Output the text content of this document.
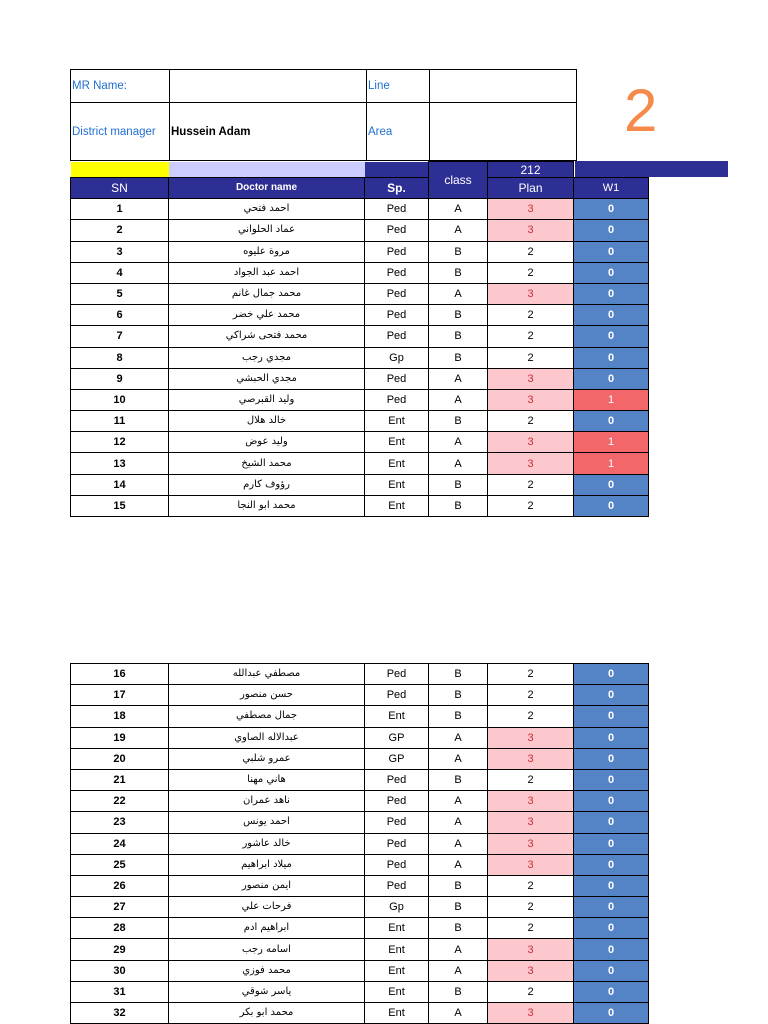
MR Name:		Line	
District manager	Hussein Adam	Area		2
			class	212	
SN	Doctor name	Sp.		Plan	W1
1	احمد فتحي	Ped	A	3	0
2	عماد الحلواني	Ped	A	3	0
3	مروة عليوه	Ped	B	2	0
4	احمد عبد الجواد	Ped	B	2	0
5	محمد جمال غانم	Ped	A	3	0
6	محمد علي خضر	Ped	B	2	0
7	محمد فتحى شراكي	Ped	B	2	0
8	مجدي رجب	Gp	B	2	0
9	مجدي الحبشي	Ped	A	3	0
10	وليد القبرصي	Ped	A	3	1
11	خالد هلال	Ent	B	2	0
12	وليد عوض	Ent	A	3	1
13	محمد الشيخ	Ent	A	3	1
14	رؤوف كارم	Ent	B	2	0
15	محمد ابو النجا	Ent	B	2	0
16	مصطفي عبدالله	Ped	B	2	0
17	حسن منصور	Ped	B	2	0
18	جمال مصطفي	Ent	B	2	0
19	عبدالاله الصاوي	GP	A	3	0
20	عمرو شلبي	GP	A	3	0
21	هاني مهنا	Ped	B	2	0
22	ناهد عمران	Ped	A	3	0
23	احمد يونس	Ped	A	3	0
24	خالد عاشور	Ped	A	3	0
25	ميلاد ابراهيم	Ped	A	3	0
26	ايمن منصور	Ped	B	2	0
27	فرحات علي	Gp	B	2	0
28	ابراهيم ادم	Ent	B	2	0
29	اسامه رجب	Ent	A	3	0
30	محمد فوزي	Ent	A	3	0
31	ياسر شوقي	Ent	B	2	0
32	محمد ابو بكر	Ent	A	3	0
